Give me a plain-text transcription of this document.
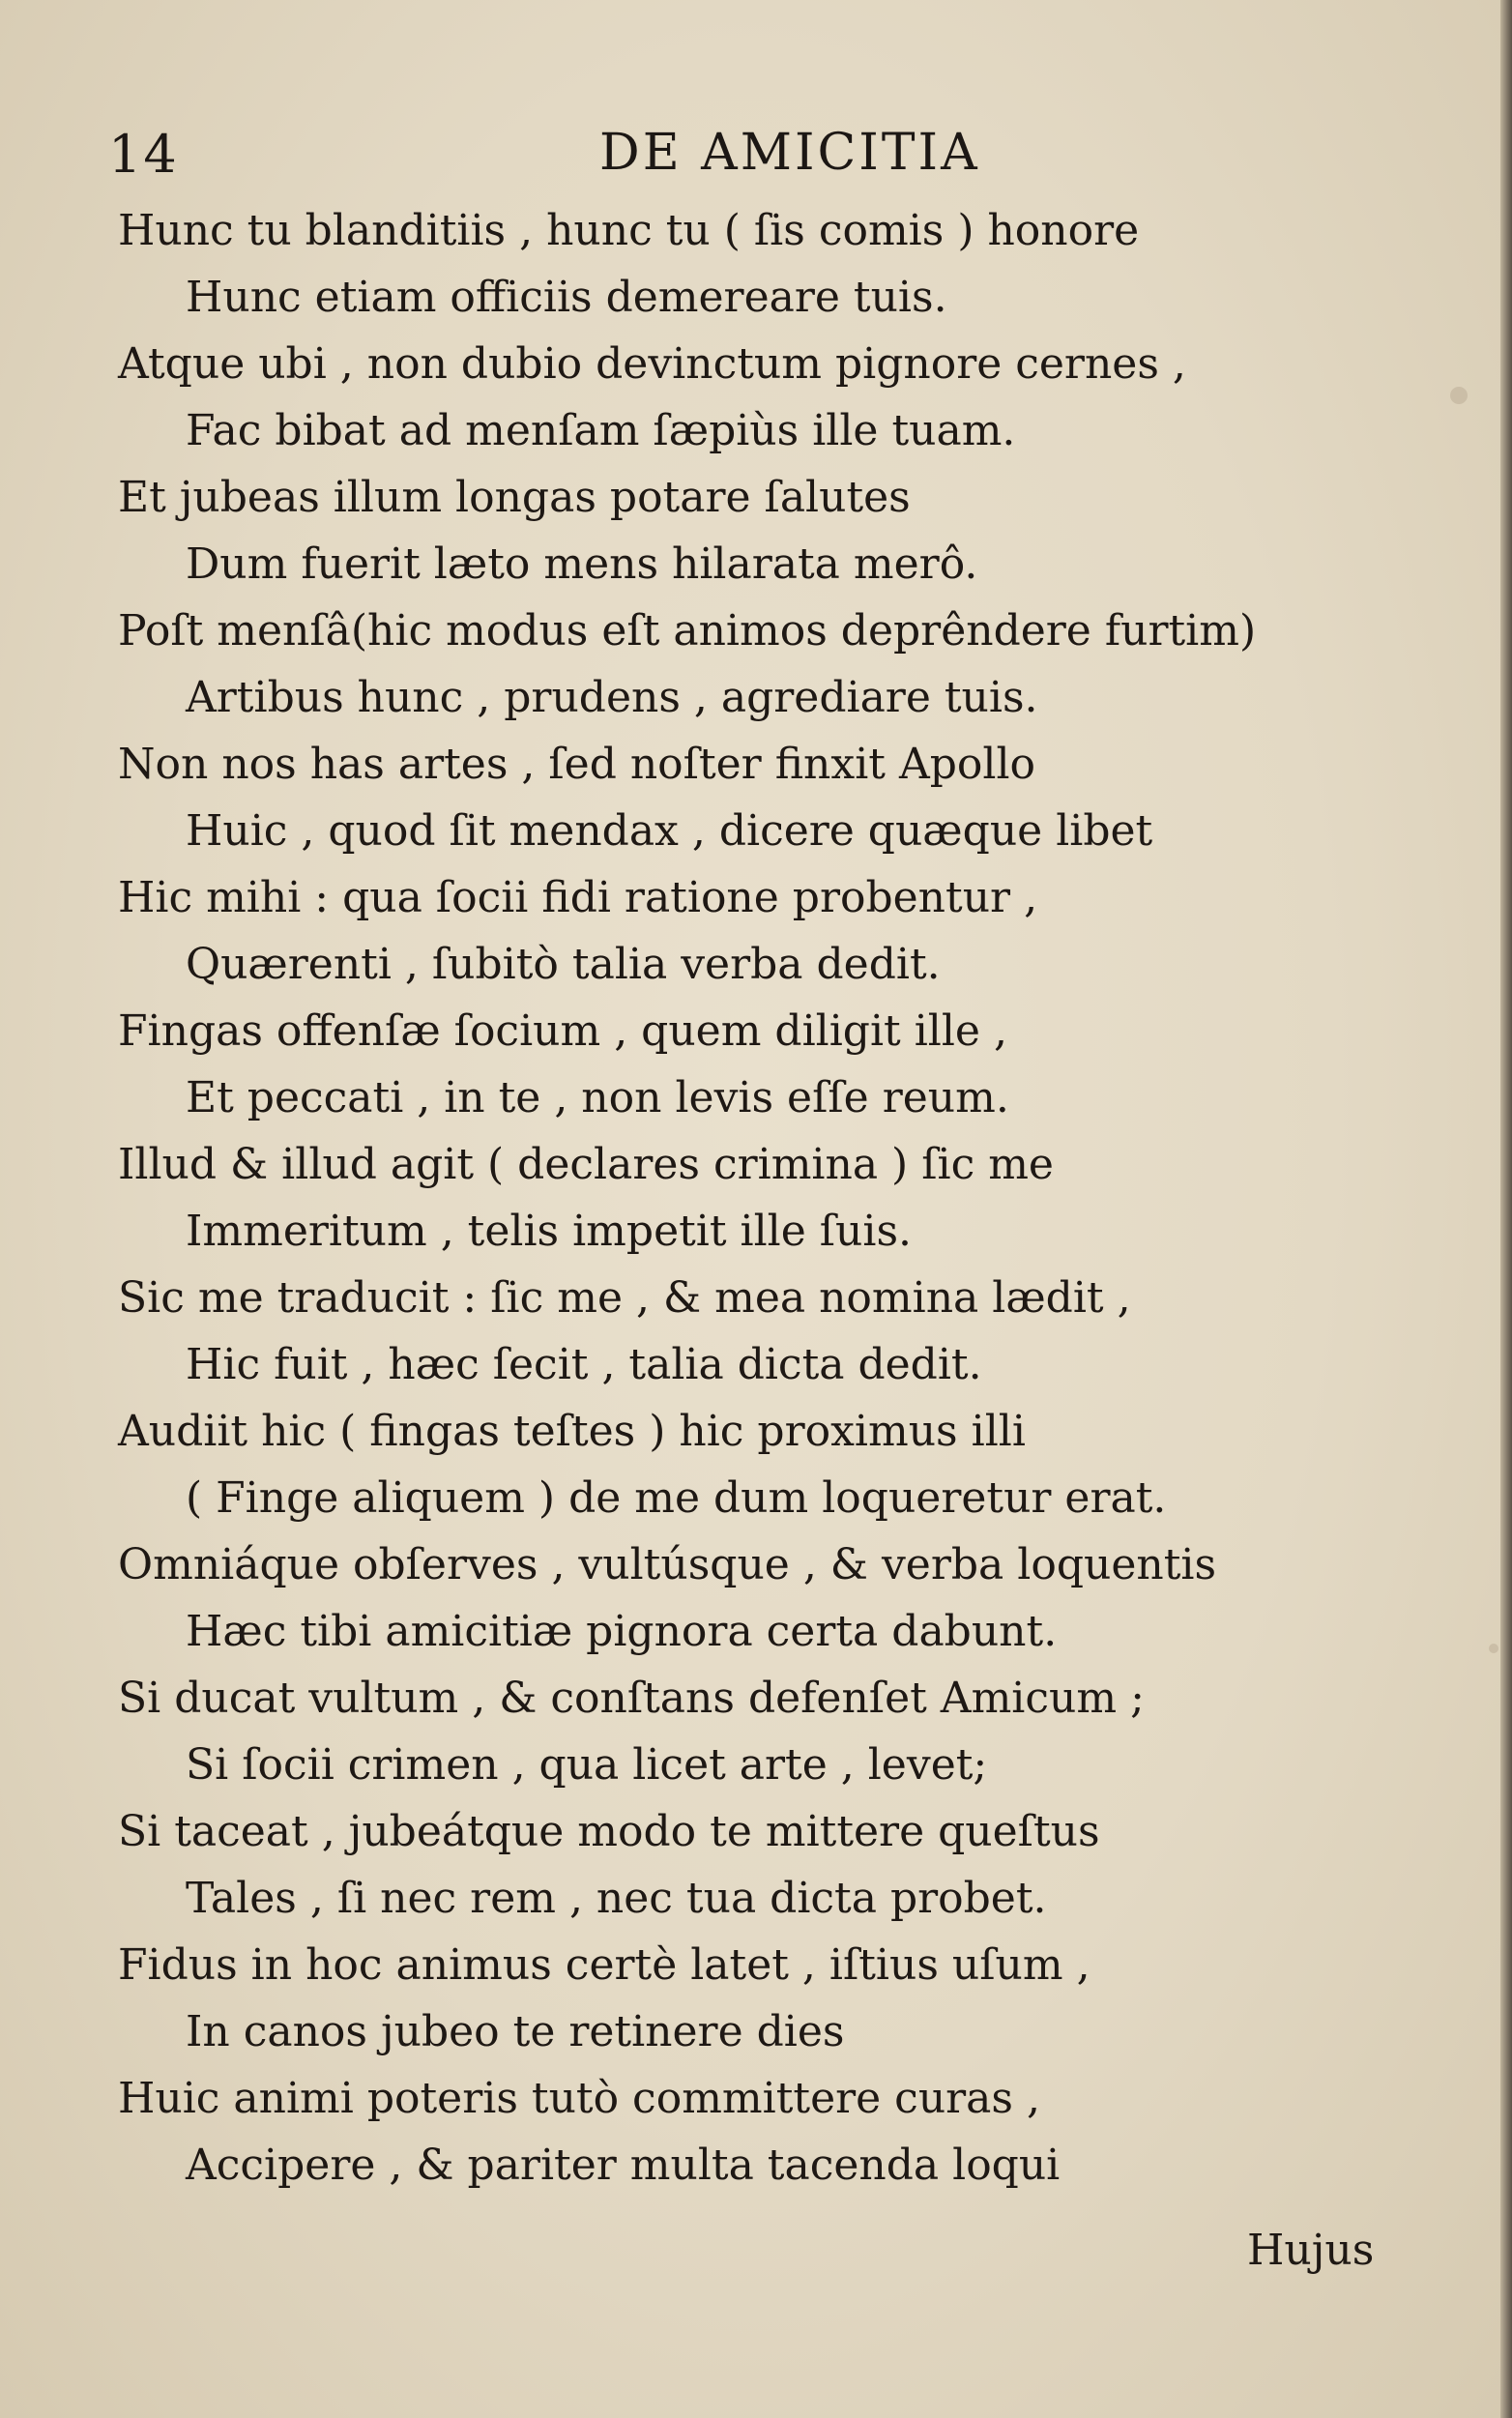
14	DE AMICITIA
Hunc tu blanditiis , hunc tu ( ſis comis ) honore
Hunc etiam officiis demereare tuis.
Atque ubi , non dubio devinctum pignore cernes ,
Fac bibat ad menſam ſæpiùs ille tuam.
Et jubeas illum longas potare ſalutes
Dum fuerit læto mens hilarata merô.
Poſt menſâ(hic modus eſt animos deprêndere furtim)
Artibus hunc , prudens , agrediare tuis.
Non nos has artes , ſed noſter finxit Apollo
Huic , quod ſit mendax , dicere quæque libet
Hic mihi : qua ſocii fidi ratione probentur ,
Quærenti , ſubitò talia verba dedit.
Fingas offenſæ ſocium , quem diligit ille ,
Et peccati , in te , non levis eſſe reum.
Illud & illud agit ( declares crimina ) ſic me
Immeritum , telis impetit ille ſuis.
Sic me traducit : ſic me , & mea nomina lædit ,
Hic fuit , hæc ſecit , talia dicta dedit.
Audiit hic ( fingas teſtes ) hic proximus illi
( Finge aliquem ) de me dum loqueretur erat.
Omniáque obſerves , vultúsque , & verba loquentis
Hæc tibi amicitiæ pignora certa dabunt.
Si ducat vultum , & conſtans defenſet Amicum ;
Si ſocii crimen , qua licet arte , levet;
Si taceat , jubeátque modo te mittere queſtus
Tales , ſi nec rem , nec tua dicta probet.
Fidus in hoc animus certè latet , iſtius uſum ,
In canos jubeo te retinere dies
Huic animi poteris tutò committere curas ,
Accipere , & pariter multa tacenda loqui
Hujus
